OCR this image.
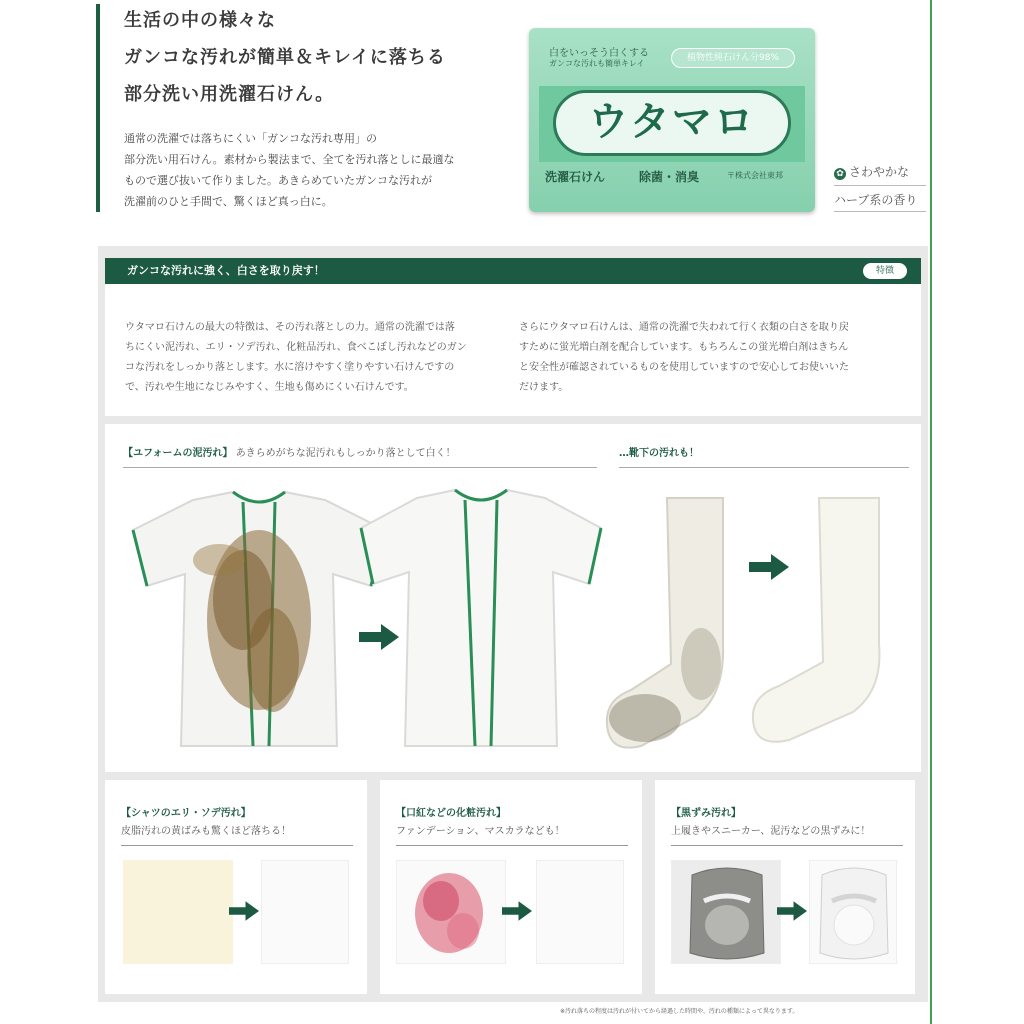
生活の中の様々な
ガンコな汚れが簡単＆キレイに落ちる
部分洗い用洗濯石けん。
通常の洗濯では落ちにくい「ガンコな汚れ専用」の
部分洗い用石けん。素材から製法まで、全てを汚れ落としに最適な
もので選び抜いて作りました。あきらめていたガンコな汚れが
洗濯前のひと手間で、驚くほど真っ白に。
白をいっそう白くする
ガンコな汚れも簡単キレイ
植物性純石けん分98%
ウタマロ
洗濯石けん	除菌・消臭	〒株式会社東邦	✿ さわやかな
ハーブ系の香り
ガンコな汚れに強く、白さを取り戻す！	特徴
ウタマロ石けんの最大の特徴は、その汚れ落としの力。通常の洗濯では落
ちにくい泥汚れ、エリ・ソデ汚れ、化粧品汚れ、食べこぼし汚れなどのガン
コな汚れをしっかり落とします。水に溶けやすく塗りやすい石けんですの
で、汚れや生地になじみやすく、生地も傷めにくい石けんです。
さらにウタマロ石けんは、通常の洗濯で失われて行く衣類の白さを取り戻
すために蛍光増白剤を配合しています。もちろんこの蛍光増白剤はきちん
と安全性が確認されているものを使用していますので安心してお使いいた
だけます。
【ユフォームの泥汚れ】 あきらめがちな泥汚れもしっかり落として白く！	…靴下の汚れも！
【シャツのエリ・ソデ汚れ】
皮脂汚れの黄ばみも驚くほど落ちる！
【口紅などの化粧汚れ】
ファンデーション、マスカラなども！
【黒ずみ汚れ】
上履きやスニーカー、泥汚などの黒ずみに！
※汚れ落ちの程度は汚れが付いてから経過した時間や、汚れの種類によって異なります。
